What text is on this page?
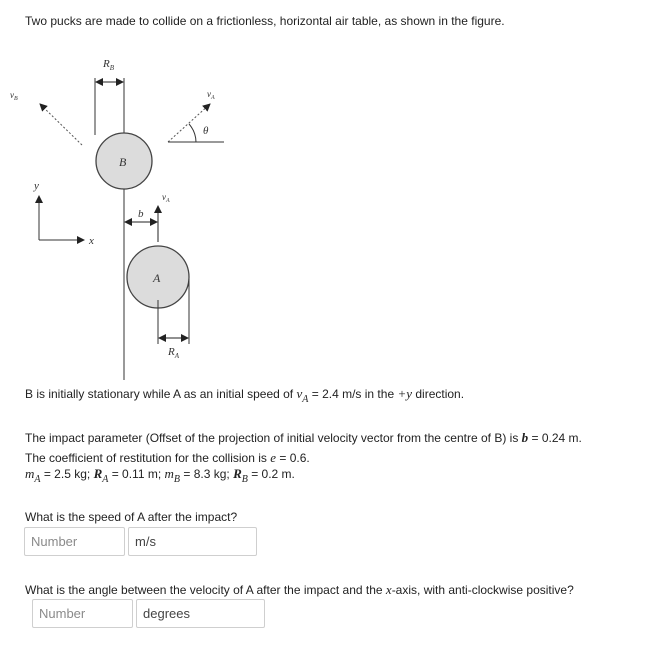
Two pucks are made to collide on a frictionless, horizontal air table, as shown in the figure.
$R_B$
$v_B$	$v_A$
θ
B
y
x
b
$v_A$
A
$R_A$
B is initially stationary while A as an initial speed of $v_A = 2.4$ m/s in the +y direction.
The impact parameter (Offset of the projection of initial velocity vector from the centre of B) is b = 0.24 m.
The coefficient of restitution for the collision is e = 0.6.
$m_A = 2.5$ kg; $R_A = 0.11$ m; $m_B = 8.3$ kg; $R_B = 0.2$ m.
What is the speed of A after the impact?
Number
m/s
What is the angle between the velocity of A after the impact and the x-axis, with anti-clockwise positive?
Number
degrees
